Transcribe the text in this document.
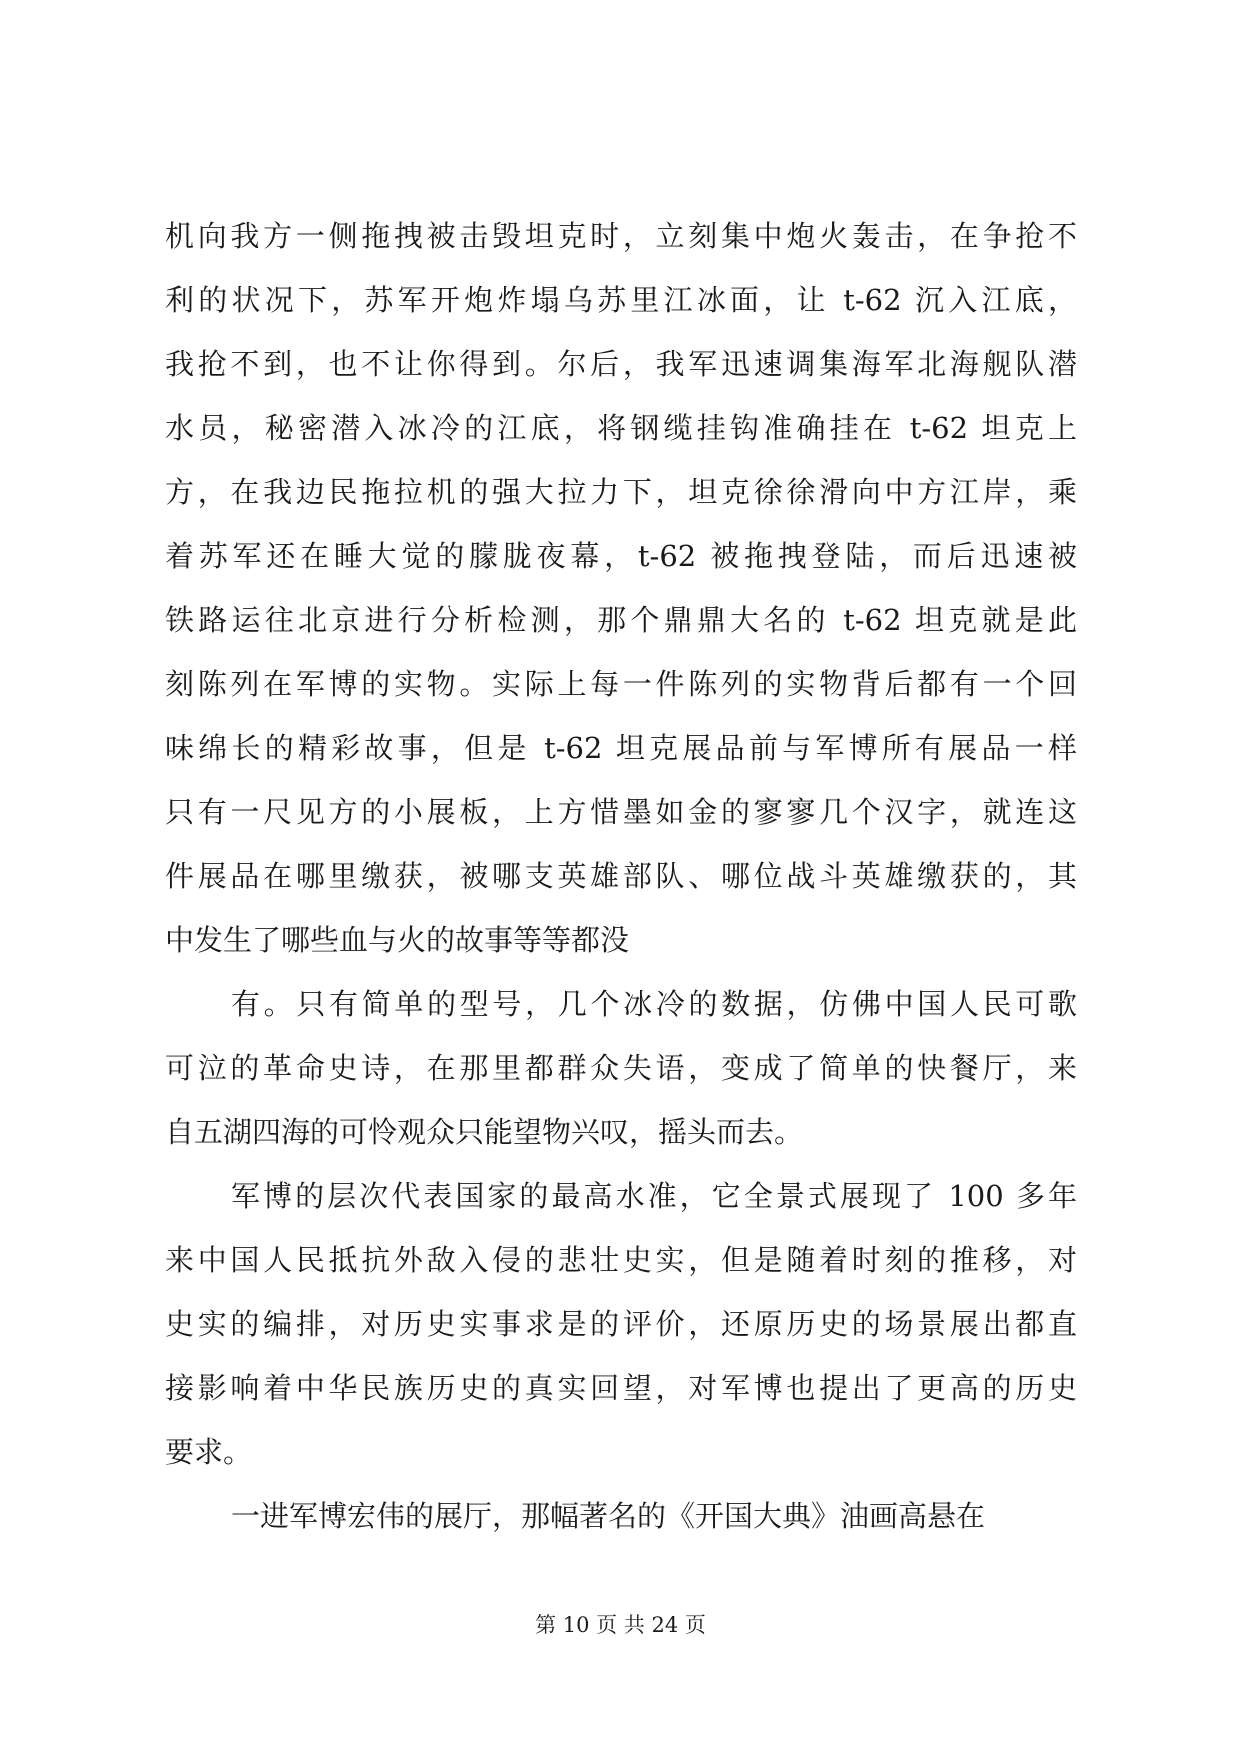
机向我方一侧拖拽被击毁坦克时，立刻集中炮火轰击，在争抢不
利的状况下，苏军开炮炸塌乌苏里江冰面，让 t-62 沉入江底，
我抢不到，也不让你得到。尔后，我军迅速调集海军北海舰队潜
水员，秘密潜入冰冷的江底，将钢缆挂钩准确挂在 t-62 坦克上
方，在我边民拖拉机的强大拉力下，坦克徐徐滑向中方江岸，乘
着苏军还在睡大觉的朦胧夜幕，t-62 被拖拽登陆，而后迅速被
铁路运往北京进行分析检测，那个鼎鼎大名的 t-62 坦克就是此
刻陈列在军博的实物。实际上每一件陈列的实物背后都有一个回
味绵长的精彩故事，但是 t-62 坦克展品前与军博所有展品一样
只有一尺见方的小展板，上方惜墨如金的寥寥几个汉字，就连这
件展品在哪里缴获，被哪支英雄部队、哪位战斗英雄缴获的，其
中发生了哪些血与火的故事等等都没
有。只有简单的型号，几个冰冷的数据，仿佛中国人民可歌
可泣的革命史诗，在那里都群众失语，变成了简单的快餐厅，来
自五湖四海的可怜观众只能望物兴叹，摇头而去。
军博的层次代表国家的最高水准，它全景式展现了 100 多年
来中国人民抵抗外敌入侵的悲壮史实，但是随着时刻的推移，对
史实的编排，对历史实事求是的评价，还原历史的场景展出都直
接影响着中华民族历史的真实回望，对军博也提出了更高的历史
要求。
一进军博宏伟的展厅，那幅著名的《开国大典》油画高悬在
第 10 页 共 24 页
